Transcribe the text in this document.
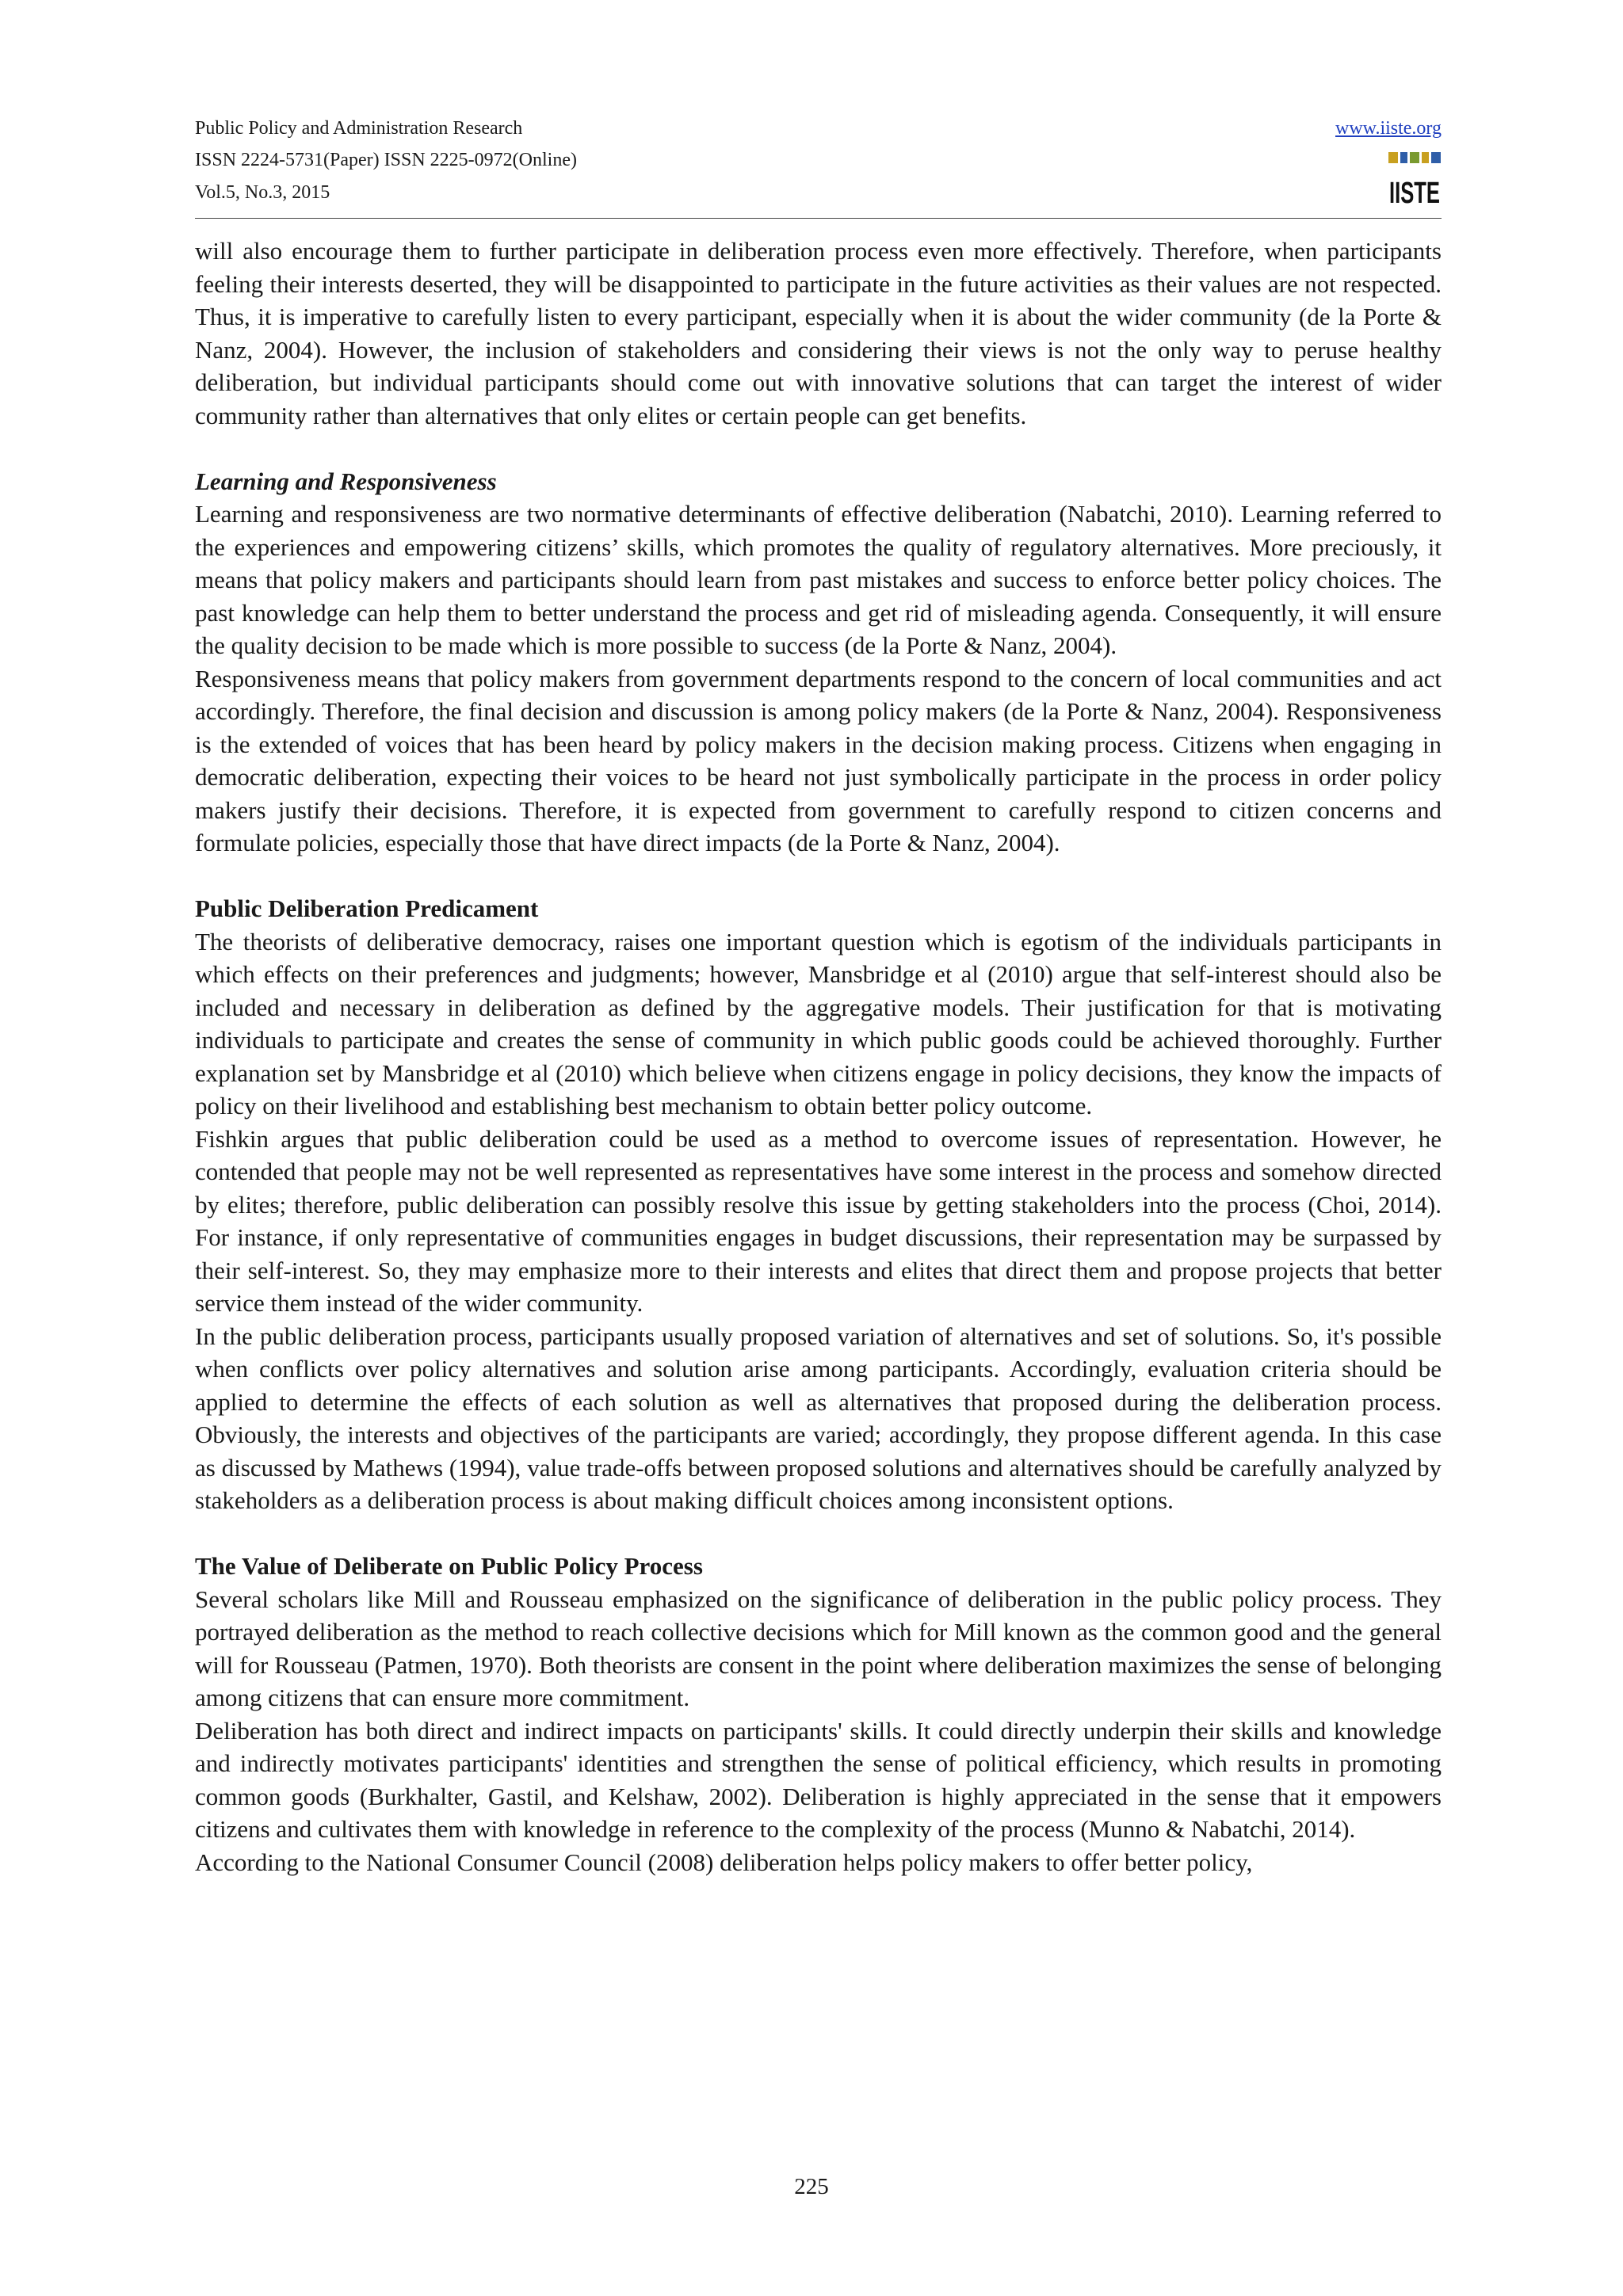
Public Policy and Administration Research
ISSN 2224-5731(Paper) ISSN 2225-0972(Online)
Vol.5, No.3, 2015
www.iiste.org
IISTE

will also encourage them to further participate in deliberation process even more effectively. Therefore, when participants feeling their interests deserted, they will be disappointed to participate in the future activities as their values are not respected. Thus, it is imperative to carefully listen to every participant, especially when it is about the wider community (de la Porte & Nanz, 2004). However, the inclusion of stakeholders and considering their views is not the only way to peruse healthy deliberation, but individual participants should come out with innovative solutions that can target the interest of wider community rather than alternatives that only elites or certain people can get benefits.

Learning and Responsiveness

Learning and responsiveness are two normative determinants of effective deliberation (Nabatchi, 2010). Learning referred to the experiences and empowering citizens’ skills, which promotes the quality of regulatory alternatives. More preciously, it means that policy makers and participants should learn from past mistakes and success to enforce better policy choices. The past knowledge can help them to better understand the process and get rid of misleading agenda. Consequently, it will ensure the quality decision to be made which is more possible to success (de la Porte & Nanz, 2004).

Responsiveness means that policy makers from government departments respond to the concern of local communities and act accordingly. Therefore, the final decision and discussion is among policy makers (de la Porte & Nanz, 2004). Responsiveness is the extended of voices that has been heard by policy makers in the decision making process. Citizens when engaging in democratic deliberation, expecting their voices to be heard not just symbolically participate in the process in order policy makers justify their decisions. Therefore, it is expected from government to carefully respond to citizen concerns and formulate policies, especially those that have direct impacts (de la Porte & Nanz, 2004).

Public Deliberation Predicament

The theorists of deliberative democracy, raises one important question which is egotism of the individuals participants in which effects on their preferences and judgments; however, Mansbridge et al (2010) argue that self-interest should also be included and necessary in deliberation as defined by the aggregative models. Their justification for that is motivating individuals to participate and creates the sense of community in which public goods could be achieved thoroughly. Further explanation set by Mansbridge et al (2010) which believe when citizens engage in policy decisions, they know the impacts of policy on their livelihood and establishing best mechanism to obtain better policy outcome.

Fishkin argues that public deliberation could be used as a method to overcome issues of representation. However, he contended that people may not be well represented as representatives have some interest in the process and somehow directed by elites; therefore, public deliberation can possibly resolve this issue by getting stakeholders into the process (Choi, 2014). For instance, if only representative of communities engages in budget discussions, their representation may be surpassed by their self-interest. So, they may emphasize more to their interests and elites that direct them and propose projects that better service them instead of the wider community.

In the public deliberation process, participants usually proposed variation of alternatives and set of solutions. So, it's possible when conflicts over policy alternatives and solution arise among participants. Accordingly, evaluation criteria should be applied to determine the effects of each solution as well as alternatives that proposed during the deliberation process. Obviously, the interests and objectives of the participants are varied; accordingly, they propose different agenda. In this case as discussed by Mathews (1994), value trade-offs between proposed solutions and alternatives should be carefully analyzed by stakeholders as a deliberation process is about making difficult choices among inconsistent options.

The Value of Deliberate on Public Policy Process

Several scholars like Mill and Rousseau emphasized on the significance of deliberation in the public policy process. They portrayed deliberation as the method to reach collective decisions which for Mill known as the common good and the general will for Rousseau (Patmen, 1970). Both theorists are consent in the point where deliberation maximizes the sense of belonging among citizens that can ensure more commitment.

Deliberation has both direct and indirect impacts on participants' skills. It could directly underpin their skills and knowledge and indirectly motivates participants' identities and strengthen the sense of political efficiency, which results in promoting common goods (Burkhalter, Gastil, and Kelshaw, 2002). Deliberation is highly appreciated in the sense that it empowers citizens and cultivates them with knowledge in reference to the complexity of the process (Munno & Nabatchi, 2014).

According to the National Consumer Council (2008) deliberation helps policy makers to offer better policy,

225
